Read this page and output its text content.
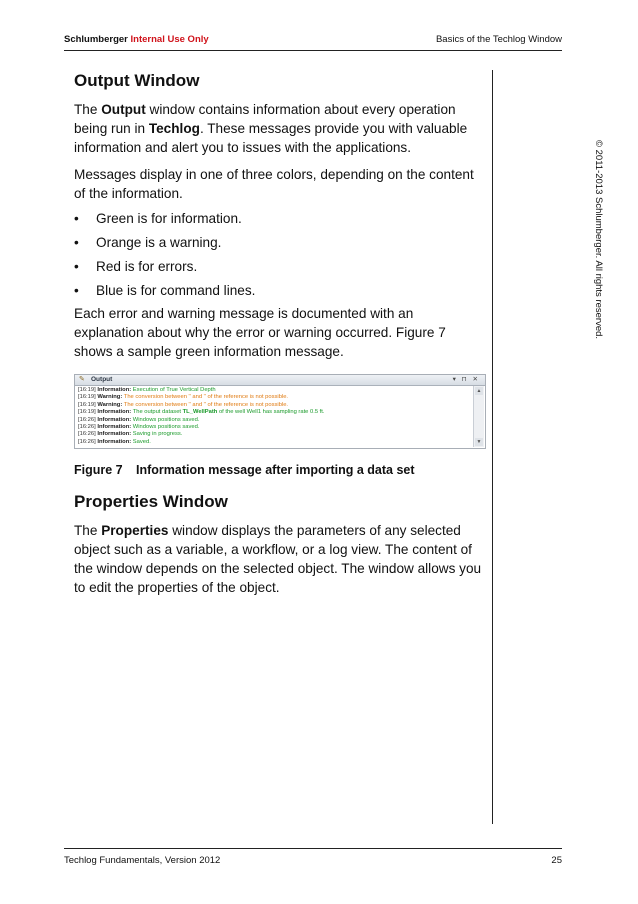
Schlumberger Internal Use Only	Basics of the Techlog Window
Output Window

The Output window contains information about every operation being run in Techlog. These messages provide you with valuable information and alert you to issues with the applications.

Messages display in one of three colors, depending on the content of the information.

• Green is for information.
• Orange is a warning.
• Red is for errors.
• Blue is for command lines.

Each error and warning message is documented with an explanation about why the error or warning occurred. Figure 7 shows a sample green information message.

✎ Output	▾ ⊓ ✕
[16:19] Information: Execution of True Vertical Depth
[16:19] Warning: The conversion between '' and '' of the reference is not possible.
[16:19] Warning: The conversion between '' and '' of the reference is not possible.
[16:19] Information: The output dataset TL_WellPath of the well Well1 has sampling rate 0.5 ft.
[16:26] Information: Windows positions saved.
[16:26] Information: Windows positions saved.
[16:26] Information: Saving in progress.
[16:26] Information: Saved.
▲
▼
Figure 7 Information message after importing a data set
Properties Window

The Properties window displays the parameters of any selected object such as a variable, a workflow, or a log view. The content of the window depends on the selected object. The window allows you to edit the properties of the object.

© 2011-2013 Schlumberger. All rights reserved.
Techlog Fundamentals, Version 2012	25
